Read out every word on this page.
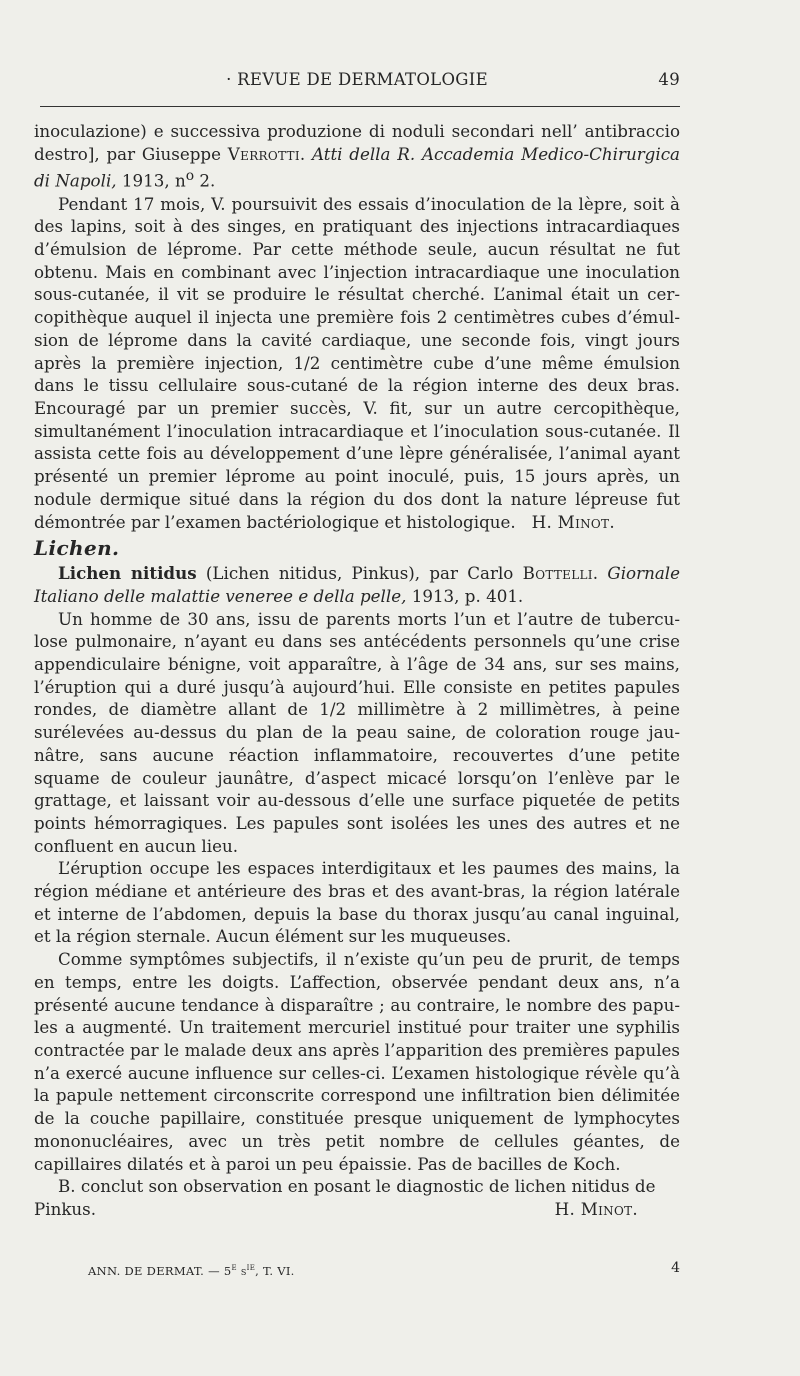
· REVUE DE DERMATOLOGIE	49

inoculazione) e successiva produzione di noduli secondari nell’ antibraccio destro], par Giuseppe Verrotti. Atti della R. Accademia Medico-Chirurgica di Napoli, 1913, $n^o$ 2.

Pendant 17 mois, V. poursuivit des essais d’inoculation de la lèpre, soit à des lapins, soit à des singes, en pratiquant des injections intracardiaques d’émulsion de léprome. Par cette méthode seule, aucun résultat ne fut obtenu. Mais en combinant avec l’injection intracardiaque une inoculation sous-cutanée, il vit se produire le résultat cherché. L’animal était un cercopithèque auquel il injecta une première fois 2 centimètres cubes d’émulsion de léprome dans la cavité cardiaque, une seconde fois, vingt jours après la première injection, 1/2 centimètre cube d’une même émulsion dans le tissu cellulaire sous-cutané de la région interne des deux bras. Encouragé par un premier succès, V. fit, sur un autre cercopithèque, simultanément l’inoculation intracardiaque et l’inoculation sous-cutanée. Il assista cette fois au développement d’une lèpre généralisée, l’animal ayant présenté un premier léprome au point inoculé, puis, 15 jours après, un nodule dermique situé dans la région du dos dont la nature lépreuse fut démontrée par l’examen bactériologique et histologique. H. Minot.

Lichen.

Lichen nitidus (Lichen nitidus, Pinkus), par Carlo Bottelli. Giornale Italiano delle malattie veneree e della pelle, 1913, p. 401.

Un homme de 30 ans, issu de parents morts l’un et l’autre de tuberculose pulmonaire, n’ayant eu dans ses antécédents personnels qu’une crise appendiculaire bénigne, voit apparaître, à l’âge de 34 ans, sur ses mains, l’éruption qui a duré jusqu’à aujourd’hui. Elle consiste en petites papules rondes, de diamètre allant de 1/2 millimètre à 2 millimètres, à peine surélevées au-dessus du plan de la peau saine, de coloration rouge jaunâtre, sans aucune réaction inflammatoire, recouvertes d’une petite squame de couleur jaunâtre, d’aspect micacé lorsqu’on l’enlève par le grattage, et laissant voir au-dessous d’elle une surface piquetée de petits points hémorragiques. Les papules sont isolées les unes des autres et ne confluent en aucun lieu.

L’éruption occupe les espaces interdigitaux et les paumes des mains, la région médiane et antérieure des bras et des avant-bras, la région latérale et interne de l’abdomen, depuis la base du thorax jusqu’au canal inguinal, et la région sternale. Aucun élément sur les muqueuses.

Comme symptômes subjectifs, il n’existe qu’un peu de prurit, de temps en temps, entre les doigts. L’affection, observée pendant deux ans, n’a présenté aucune tendance à disparaître ; au contraire, le nombre des papules a augmenté. Un traitement mercuriel institué pour traiter une syphilis contractée par le malade deux ans après l’apparition des premières papules n’a exercé aucune influence sur celles-ci. L’examen histologique révèle qu’à la papule nettement circonscrite correspond une infiltration bien délimitée de la couche papillaire, constituée presque uniquement de lymphocytes mononucléaires, avec un très petit nombre de cellules géantes, de capillaires dilatés et à paroi un peu épaissie. Pas de bacilles de Koch.

B. conclut son observation en posant le diagnostic de lichen nitidus de

Pinkus.	H. Minot.
ANN. DE DERMAT. — 5e $s^{ie}$, T. VI.	4
